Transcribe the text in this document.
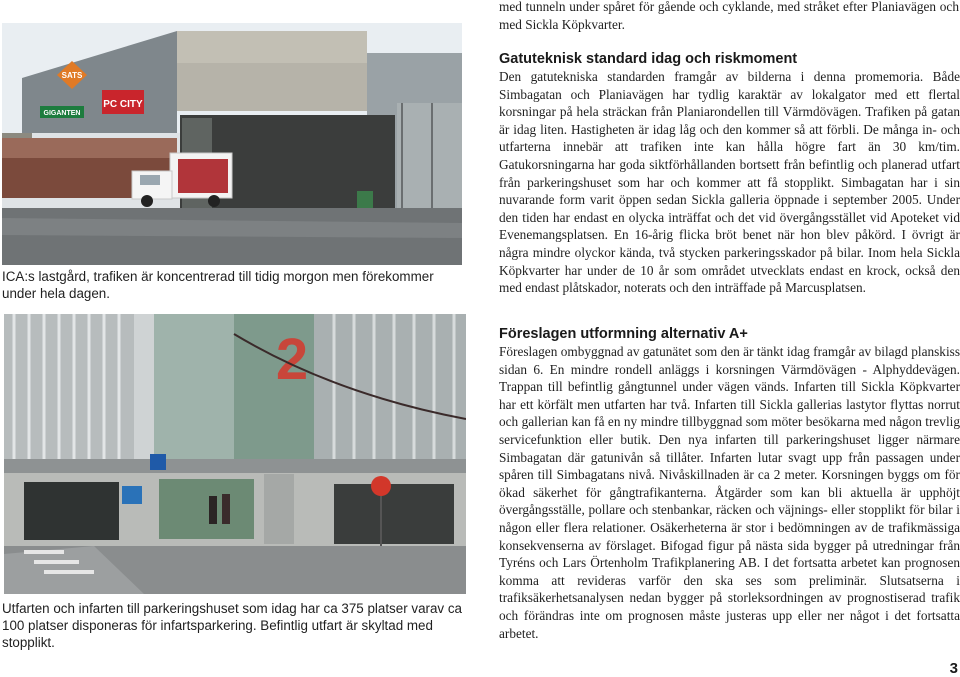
SATS
PC CITY
GIGANTEN

ICA:s lastgård, trafiken är koncentrerad till tidig morgon men förekommer under hela dagen.

2

Utfarten och infarten till parkeringshuset som idag har ca 375 platser varav ca 100 platser disponeras för infartsparkering. Befintlig utfart är skyltad med stopplikt.

med tunneln under spåret för gående och cyklande, med stråket efter Planiavägen och med Sickla Köpkvarter.

Gatuteknisk standard idag och riskmoment

Den gatutekniska standarden framgår av bilderna i denna promemoria. Både Simbagatan och Planiavägen har tydlig karaktär av lokalgator med ett flertal korsningar på hela sträckan från Planiarondellen till Värmdövägen. Trafiken på gatan är idag liten. Hastigheten är idag låg och den kommer så att förbli. De många in- och utfarterna innebär att trafiken inte kan hålla högre fart än 30 km/tim. Gatukorsningarna har goda siktförhållanden bortsett från befintlig och planerad utfart från parkeringshuset som har och kommer att få stopplikt. Simbagatan har i sin nuvarande form varit öppen sedan Sickla galleria öppnade i september 2005. Under den tiden har endast en olycka inträffat och det vid övergångsstället vid Apoteket vid Evenemangsplatsen. En 16-årig flicka bröt benet när hon blev påkörd. I övrigt är några mindre olyckor kända, två stycken parkeringsskador på bilar. Inom hela Sickla Köpkvarter har under de 10 år som området utvecklats endast en krock, också den med endast plåtskador, noterats och den inträffade på Marcusplatsen.

Föreslagen utformning alternativ A+

Föreslagen ombyggnad av gatunätet som den är tänkt idag framgår av bilagd planskiss sidan 6. En mindre rondell anläggs i korsningen Värmdövägen - Alphyddevägen. Trappan till befintlig gångtunnel under vägen vänds. Infarten till Sickla Köpkvarter har ett körfält men utfarten har två. Infarten till Sickla gallerias lastytor flyttas norrut och gallerian kan få en ny mindre tillbyggnad som möter besökarna med någon trevlig servicefunktion eller butik. Den nya infarten till parkeringshuset ligger närmare Simbagatan där gatunivån så tillåter. Infarten lutar svagt upp från passagen under spåren till Simbagatans nivå. Nivåskillnaden är ca 2 meter. Korsningen byggs om för ökad säkerhet för gångtrafikanterna. Åtgärder som kan bli aktuella är upphöjt övergångsställe, pollare och stenbankar, räcken och väjnings- eller stopplikt för bilar i någon eller flera relationer. Osäkerheterna är stor i bedömningen av de trafikmässiga konsekvenserna av förslaget. Bifogad figur på nästa sida bygger på utredningar från Tyréns och Lars Örtenholm Trafikplanering AB. I det fortsatta arbetet kan prognosen komma att revideras varför den ska ses som preliminär. Slutsatserna i trafiksäkerhetsanalysen nedan bygger på storleksordningen av prognostiserad trafik och förändras inte om prognosen måste justeras upp eller ner något i det fortsatta arbetet.

3
